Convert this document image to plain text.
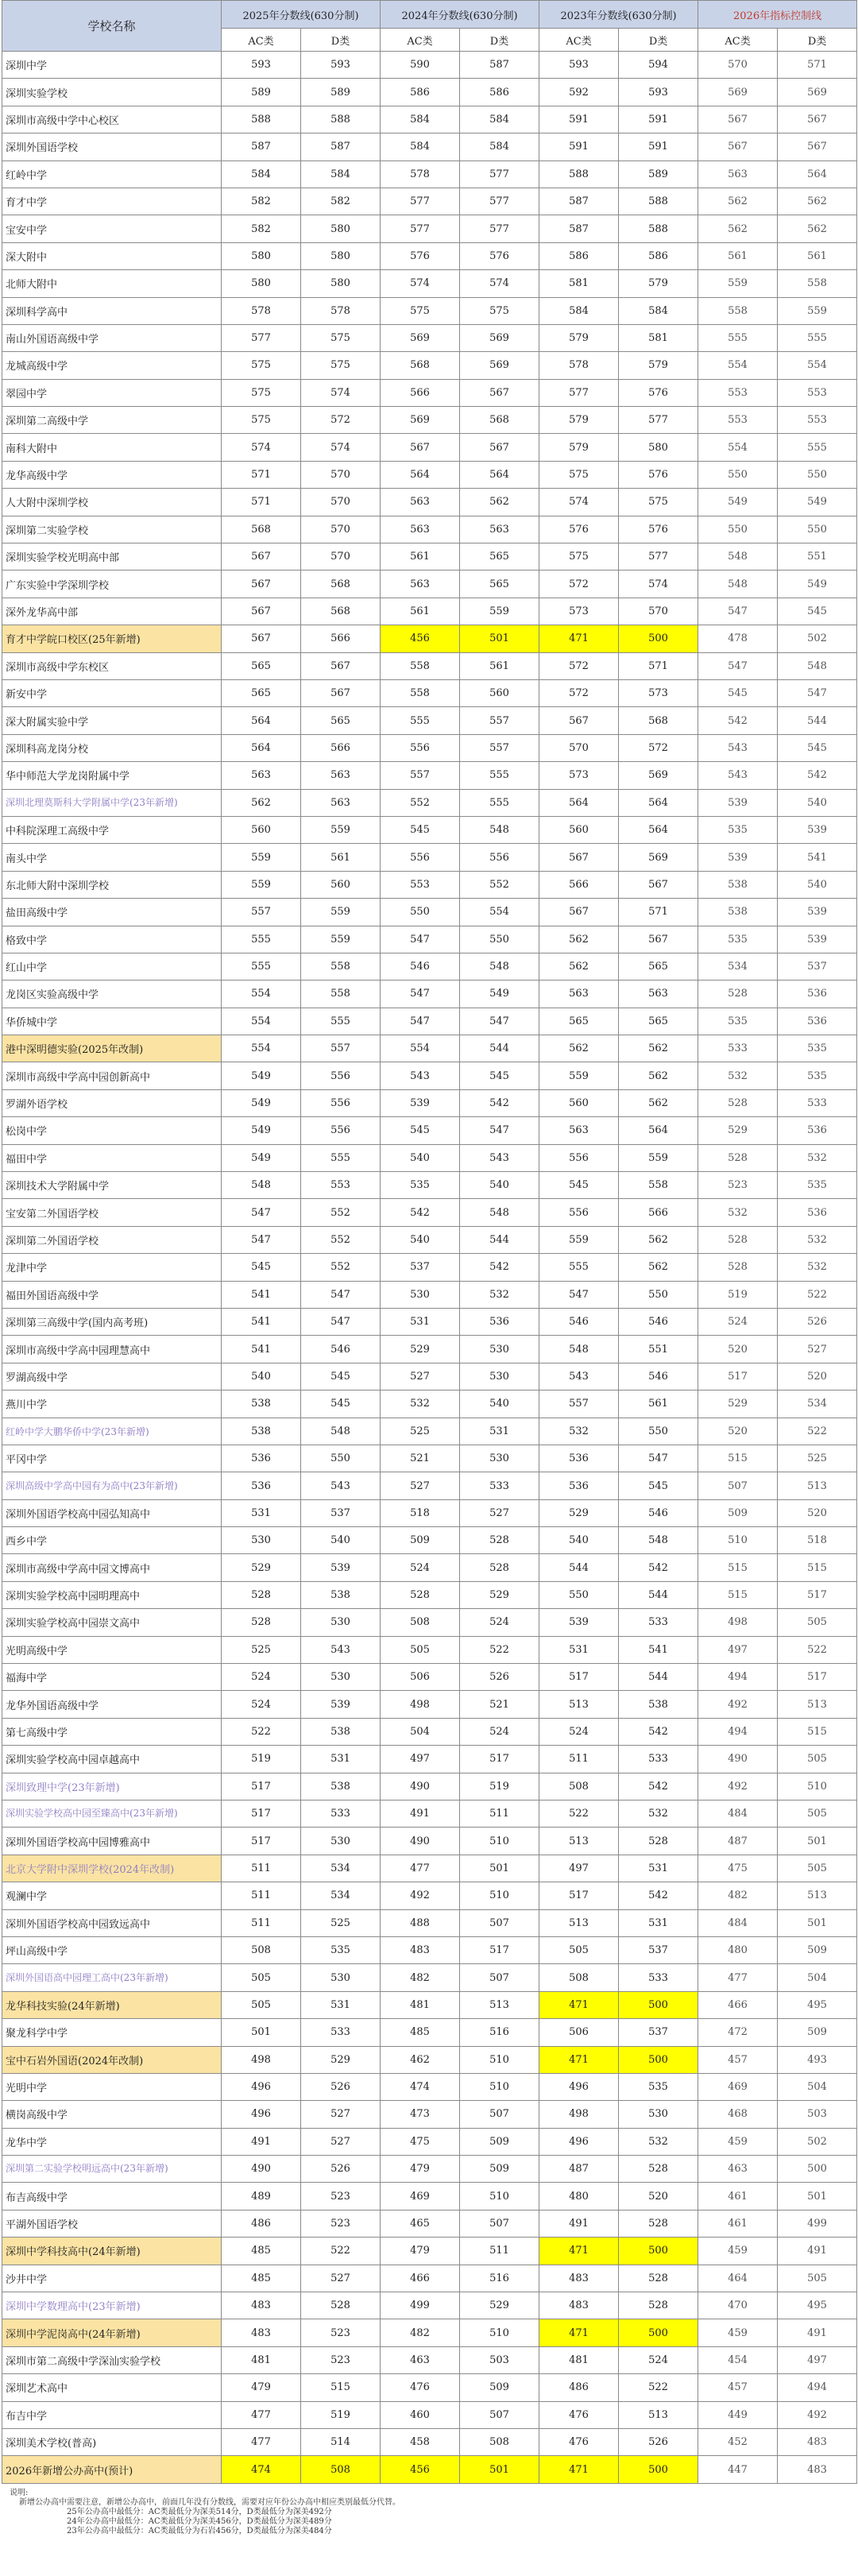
学校名称	2025年分数线(630分制)		2024年分数线(630分制)		2023年分数线(630分制)		2026年指标控制线	
	AC类	D类	AC类	D类	AC类	D类	AC类	D类
深圳中学	593	593	590	587	593	594	570	571
深圳实验学校	589	589	586	586	592	593	569	569
深圳市高级中学中心校区	588	588	584	584	591	591	567	567
深圳外国语学校	587	587	584	584	591	591	567	567
红岭中学	584	584	578	577	588	589	563	564
育才中学	582	582	577	577	587	588	562	562
宝安中学	582	580	577	577	587	588	562	562
深大附中	580	580	576	576	586	586	561	561
北师大附中	580	580	574	574	581	579	559	558
深圳科学高中	578	578	575	575	584	584	558	559
南山外国语高级中学	577	575	569	569	579	581	555	555
龙城高级中学	575	575	568	569	578	579	554	554
翠园中学	575	574	566	567	577	576	553	553
深圳第二高级中学	575	572	569	568	579	577	553	553
南科大附中	574	574	567	567	579	580	554	555
龙华高级中学	571	570	564	564	575	576	550	550
人大附中深圳学校	571	570	563	562	574	575	549	549
深圳第二实验学校	568	570	563	563	576	576	550	550
深圳实验学校光明高中部	567	570	561	565	575	577	548	551
广东实验中学深圳学校	567	568	563	565	572	574	548	549
深外龙华高中部	567	568	561	559	573	570	547	545
育才中学皖口校区(25年新增)	567	566	456	501	471	500	478	502
深圳市高级中学东校区	565	567	558	561	572	571	547	548
新安中学	565	567	558	560	572	573	545	547
深大附属实验中学	564	565	555	557	567	568	542	544
深圳科高龙岗分校	564	566	556	557	570	572	543	545
华中师范大学龙岗附属中学	563	563	557	555	573	569	543	542
深圳北理莫斯科大学附属中学(23年新增)	562	563	552	555	564	564	539	540
中科院深理工高级中学	560	559	545	548	560	564	535	539
南头中学	559	561	556	556	567	569	539	541
东北师大附中深圳学校	559	560	553	552	566	567	538	540
盐田高级中学	557	559	550	554	567	571	538	539
格致中学	555	559	547	550	562	567	535	539
红山中学	555	558	546	548	562	565	534	537
龙岗区实验高级中学	554	558	547	549	563	563	528	536
华侨城中学	554	555	547	547	565	565	535	536
港中深明德实验(2025年改制)	554	557	554	544	562	562	533	535
深圳市高级中学高中园创新高中	549	556	543	545	559	562	532	535
罗湖外语学校	549	556	539	542	560	562	528	533
松岗中学	549	556	545	547	563	564	529	536
福田中学	549	555	540	543	556	559	528	532
深圳技术大学附属中学	548	553	535	540	545	558	523	535
宝安第二外国语学校	547	552	542	548	556	566	532	536
深圳第二外国语学校	547	552	540	544	559	562	528	532
龙津中学	545	552	537	542	555	562	528	532
福田外国语高级中学	541	547	530	532	547	550	519	522
深圳第三高级中学(国内高考班)	541	547	531	536	546	546	524	526
深圳市高级中学高中园理慧高中	541	546	529	530	548	551	520	527
罗湖高级中学	540	545	527	530	543	546	517	520
燕川中学	538	545	532	540	557	561	529	534
红岭中学大鹏华侨中学(23年新增)	538	548	525	531	532	550	520	522
平冈中学	536	550	521	530	536	547	515	525
深圳高级中学高中园有为高中(23年新增)	536	543	527	533	536	545	507	513
深圳外国语学校高中园弘知高中	531	537	518	527	529	546	509	520
西乡中学	530	540	509	528	540	548	510	518
深圳市高级中学高中园文博高中	529	539	524	528	544	542	515	515
深圳实验学校高中园明理高中	528	538	528	529	550	544	515	517
深圳实验学校高中园崇文高中	528	530	508	524	539	533	498	505
光明高级中学	525	543	505	522	531	541	497	522
福海中学	524	530	506	526	517	544	494	517
龙华外国语高级中学	524	539	498	521	513	538	492	513
第七高级中学	522	538	504	524	524	542	494	515
深圳实验学校高中园卓越高中	519	531	497	517	511	533	490	505
深圳致理中学(23年新增)	517	538	490	519	508	542	492	510
深圳实验学校高中园至臻高中(23年新增)	517	533	491	511	522	532	484	505
深圳外国语学校高中园博雅高中	517	530	490	510	513	528	487	501
北京大学附中深圳学校(2024年改制)	511	534	477	501	497	531	475	505
观澜中学	511	534	492	510	517	542	482	513
深圳外国语学校高中园致远高中	511	525	488	507	513	531	484	501
坪山高级中学	508	535	483	517	505	537	480	509
深圳外国语高中园理工高中(23年新增)	505	530	482	507	508	533	477	504
龙华科技实验(24年新增)	505	531	481	513	471	500	466	495
聚龙科学中学	501	533	485	516	506	537	472	509
宝中石岩外国语(2024年改制)	498	529	462	510	471	500	457	493
光明中学	496	526	474	510	496	535	469	504
横岗高级中学	496	527	473	507	498	530	468	503
龙华中学	491	527	475	509	496	532	459	502
深圳第二实验学校明远高中(23年新增)	490	526	479	509	487	528	463	500
布吉高级中学	489	523	469	510	480	520	461	501
平湖外国语学校	486	523	465	507	491	528	461	499
深圳中学科技高中(24年新增)	485	522	479	511	471	500	459	491
沙井中学	485	527	466	516	483	528	464	505
深圳中学数理高中(23年新增)	483	528	499	529	483	528	470	495
深圳中学泥岗高中(24年新增)	483	523	482	510	471	500	459	491
深圳市第二高级中学深汕实验学校	481	523	463	503	481	524	454	497
深圳艺术高中	479	515	476	509	486	522	457	494
布吉中学	477	519	460	507	476	513	449	492
深圳美术学校(普高)	477	514	458	508	476	526	452	483
2026年新增公办高中(预计)	474	508	456	501	471	500	447	483
说明:
新增公办高中需要注意，新增公办高中，前面几年没有分数线，需要对应年份公办高中相应类别最低分代替。
25年公办高中最低分：AC类最低分为深美514分，D类最低分为深美492分
24年公办高中最低分：AC类最低分为深美456分，D类最低分为深美489分
23年公办高中最低分：AC类最低分为石岩456分，D类最低分为深美484分
